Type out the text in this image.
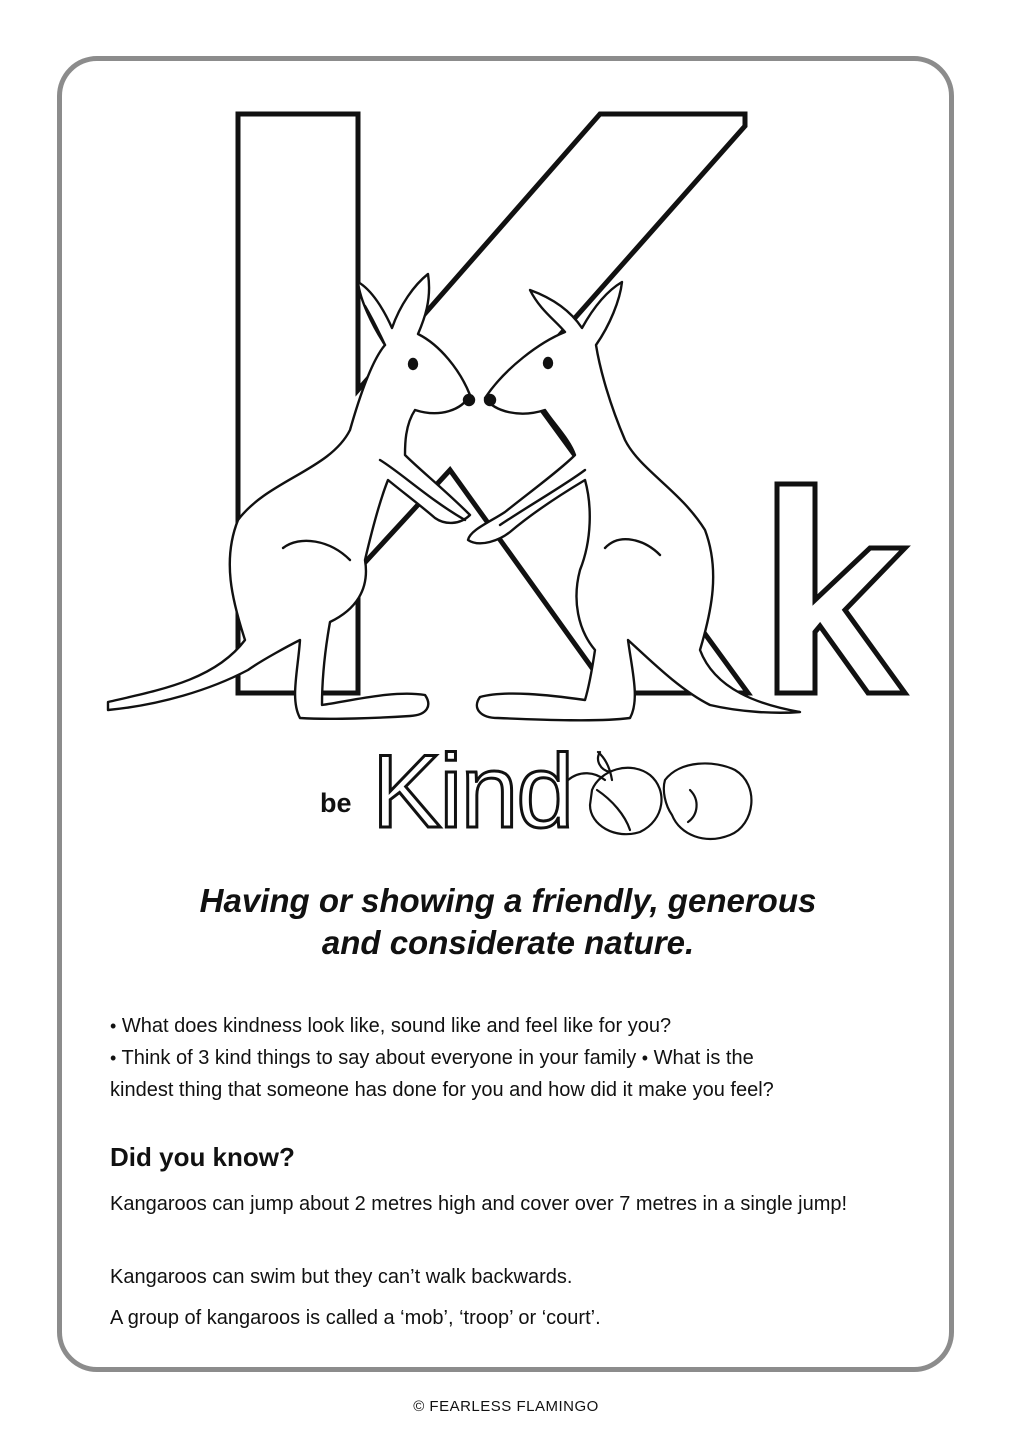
be Kind
Having or showing a friendly, generous
and considerate nature.
• What does kindness look like, sound like and feel like for you?
• Think of 3 kind things to say about everyone in your family • What is the
kindest thing that someone has done for you and how did it make you feel?
Did you know?
Kangaroos can jump about 2 metres high and cover over 7 metres in a single jump!
Kangaroos can swim but they can’t walk backwards.
A group of kangaroos is called a ‘mob’, ‘troop’ or ‘court’.
© FEARLESS FLAMINGO
